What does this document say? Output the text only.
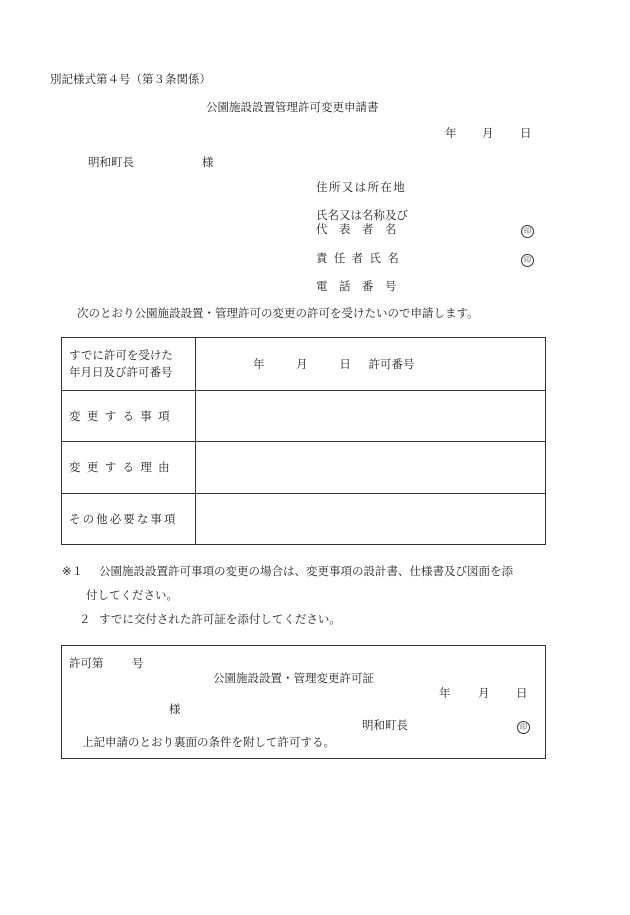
別記様式第４号（第３条関係）
公園施設設置管理許可変更申請書
年 月 日
明和町長	様
住所又は所在地
氏名又は名称及び
代　表　者　名	印
責任者氏名	印
電　話　番　号
次のとおり公園施設設置・管理許可の変更の許可を受けたいので申請します。
すでに許可を受けた
年月日及び許可番号	年 月 日 許可番号
変更する事項	
変更する理由	
その他必要な事項	
※１ 公園施設設置許可事項の変更の場合は、変更事項の設計書、仕様書及び図面を添
付してください。
２ すでに交付された許可証を添付してください。
許可第 号
公園施設設置・管理変更許可証
年 月 日
様
明和町長	印
上記申請のとおり裏面の条件を附して許可する。
